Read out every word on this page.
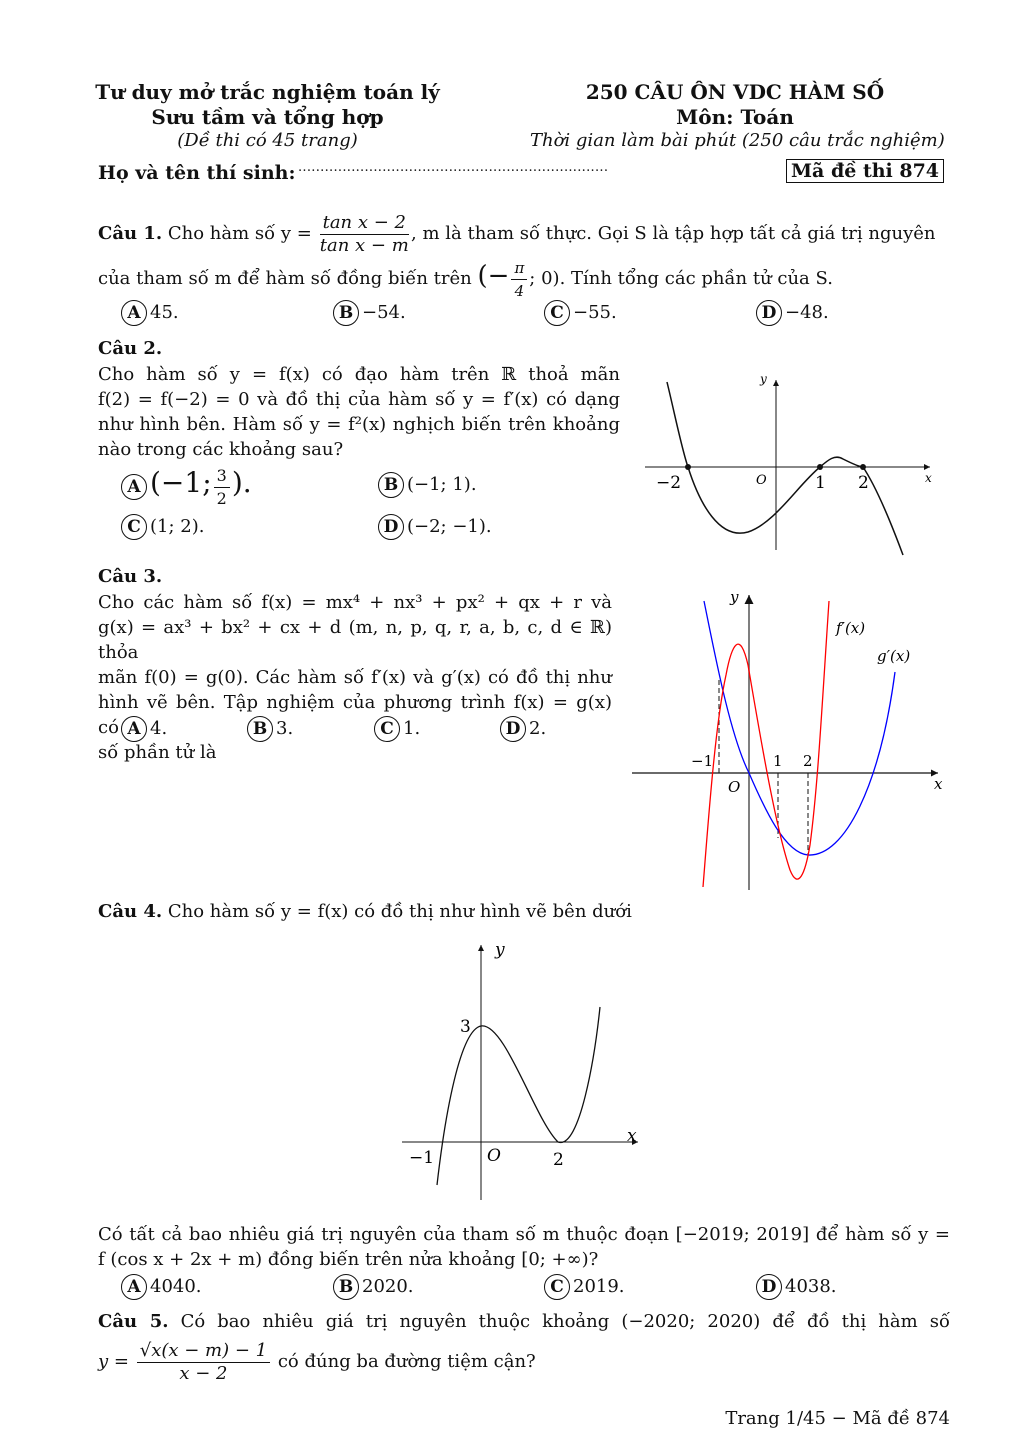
Tư duy mở trắc nghiệm toán lý
Sưu tầm và tổng hợp
(Dề thi có 45 trang)
250 CÂU ÔN VDC HÀM SỐ
Môn: Toán
Thời gian làm bài phút (250 câu trắc nghiệm)
Họ và tên thí sinh: ......................................................................	Mã đề thi 874
Câu 1. Cho hàm số $y = \frac{\text{tan x − 2}}{\text{tan x − m}}$ , m là tham số thực. Gọi S là tập hợp tất cả giá trị nguyên
của tham số m để hàm số đồng biến trên (− $\frac{\pi}{4}$ ; 0). Tính tổng các phần tử của S.
A 45.	B −54.	C −55.	D −48.
Câu 2.
Cho hàm số y = f(x) có đạo hàm trên ℝ thoả mãn
f(2) = f(−2) = 0 và đồ thị của hàm số y = f′(x) có dạng
như hình bên. Hàm số y = f²(x) nghịch biến trên khoảng
nào trong các khoảng sau?
A (−1; $\frac{3}{2}$ ).	B (−1; 1).
C (1; 2).	D (−2; −1).
y
x
O
−2	1 2
Câu 3.
Cho các hàm số f(x) = mx⁴ + nx³ + px² + qx + r và
g(x) = ax³ + bx² + cx + d (m, n, p, q, r, a, b, c, d ∈ ℝ) thỏa
mãn f(0) = g(0). Các hàm số f′(x) và g′(x) có đồ thị như
hình vẽ bên. Tập nghiệm của phương trình f(x) = g(x) có
số phần tử là
A 4.	B 3.	C 1.	D 2.
y
x
O
−1	1 2
f′(x)
g′(x)
Câu 4. Cho hàm số y = f(x) có đồ thị như hình vẽ bên dưới
y
x
O
−1	2
3
Có tất cả bao nhiêu giá trị nguyên của tham số m thuộc đoạn [−2019; 2019] để hàm số y =
f (cos x + 2x + m) đồng biến trên nửa khoảng [0; +∞)?
A 4040.	B 2020.	C 2019.	D 4038.
Câu 5. Có bao nhiêu giá trị nguyên thuộc khoảng (−2020; 2020) để đồ thị hàm số
$y = \frac{√x(x - m) - 1}{x - 2}$ có đúng ba đường tiệm cận?
Trang 1/45 − Mã đề 874
